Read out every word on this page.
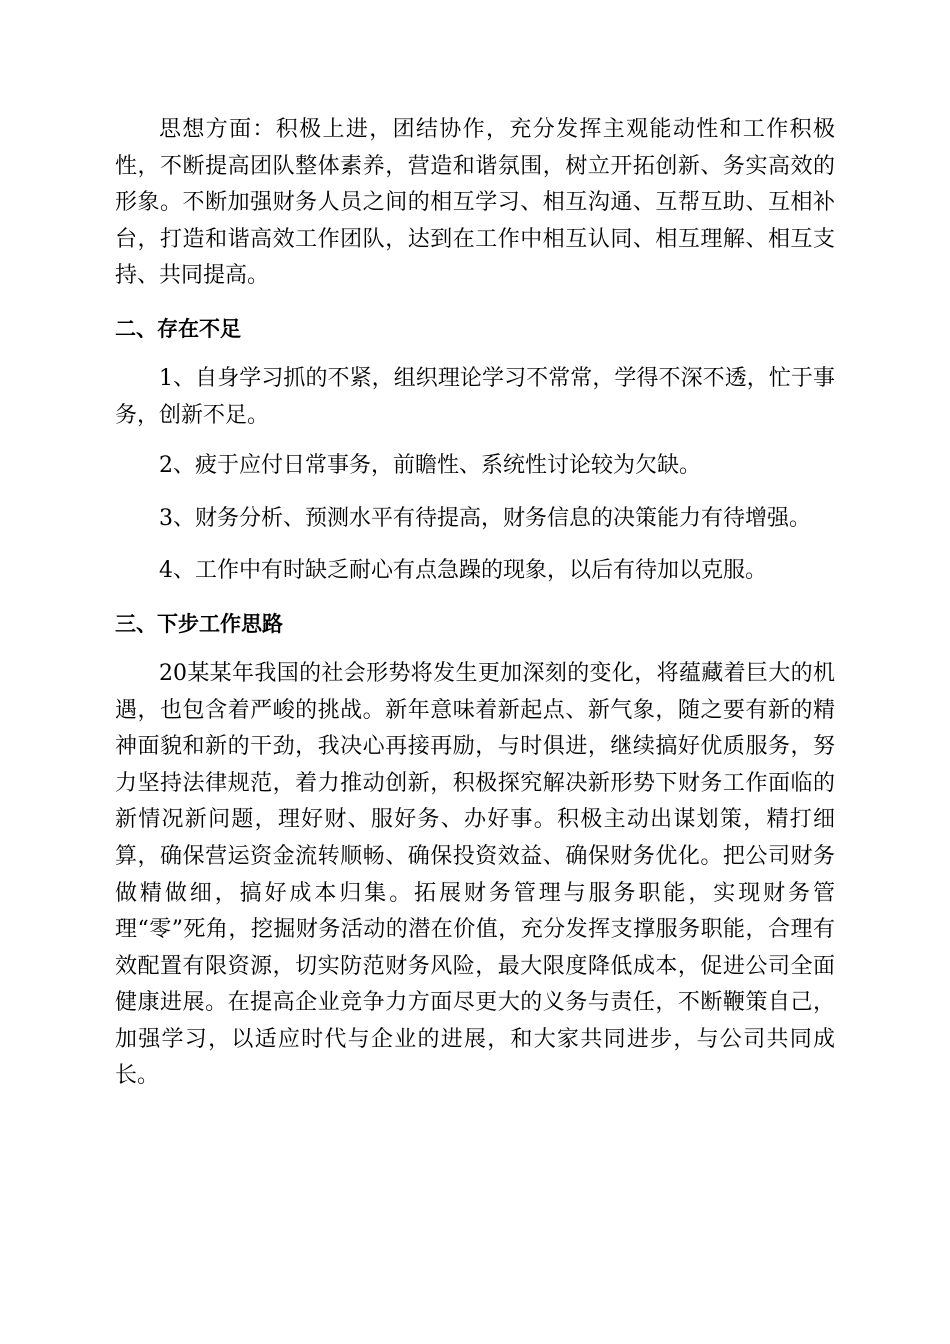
思想方面：积极上进，团结协作，充分发挥主观能动性和工作积极性，不断提高团队整体素养，营造和谐氛围，树立开拓创新、务实高效的形象。不断加强财务人员之间的相互学习、相互沟通、互帮互助、互相补台，打造和谐高效工作团队，达到在工作中相互认同、相互理解、相互支持、共同提高。

二、存在不足

1、自身学习抓的不紧，组织理论学习不常常，学得不深不透，忙于事务，创新不足。

2、疲于应付日常事务，前瞻性、系统性讨论较为欠缺。

3、财务分析、预测水平有待提高，财务信息的决策能力有待增强。

4、工作中有时缺乏耐心有点急躁的现象，以后有待加以克服。

三、下步工作思路

20某某年我国的社会形势将发生更加深刻的变化，将蕴藏着巨大的机遇，也包含着严峻的挑战。新年意味着新起点、新气象，随之要有新的精神面貌和新的干劲，我决心再接再励，与时俱进，继续搞好优质服务，努力坚持法律规范，着力推动创新，积极探究解决新形势下财务工作面临的新情况新问题，理好财、服好务、办好事。积极主动出谋划策，精打细算，确保营运资金流转顺畅、确保投资效益、确保财务优化。把公司财务做精做细，搞好成本归集。拓展财务管理与服务职能，实现财务管理“零”死角，挖掘财务活动的潜在价值，充分发挥支撑服务职能，合理有效配置有限资源，切实防范财务风险，最大限度降低成本，促进公司全面健康进展。在提高企业竞争力方面尽更大的义务与责任，不断鞭策自己，加强学习，以适应时代与企业的进展，和大家共同进步，与公司共同成长。
